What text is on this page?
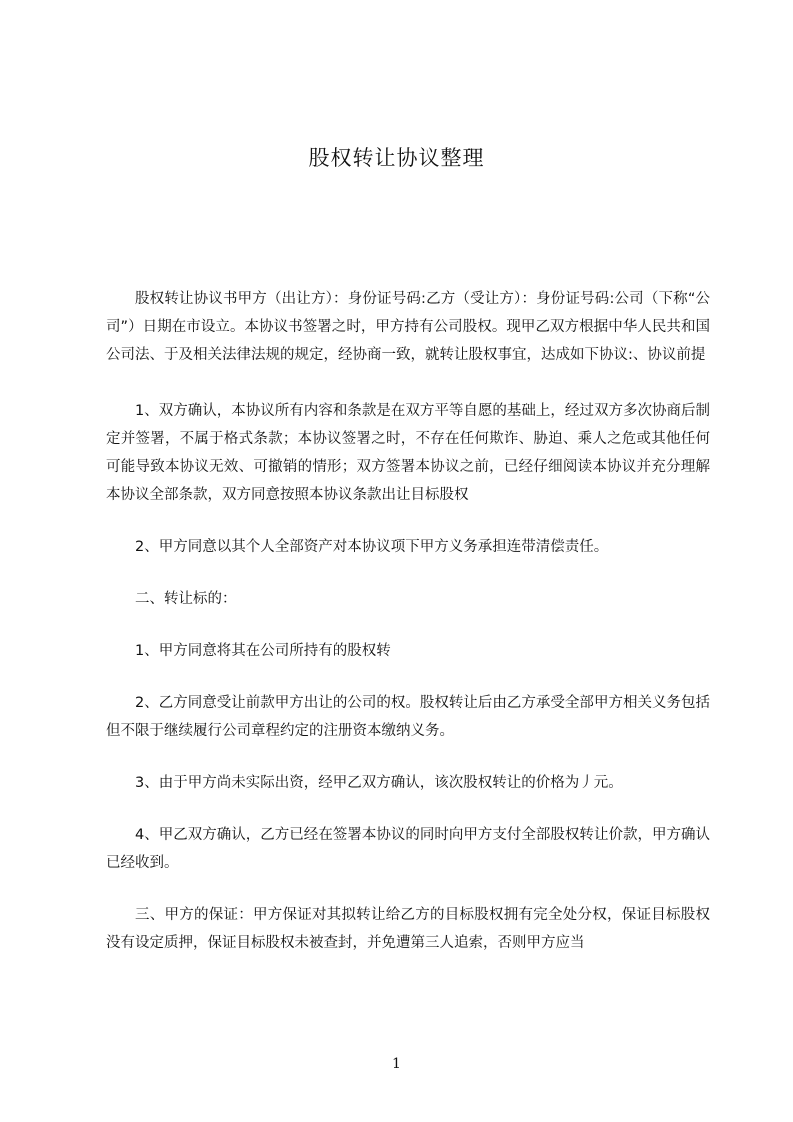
股权转让协议整理

股权转让协议书甲方（出让方）：身份证号码:乙方（受让方）：身份证号码:公司（下称“公司”）日期在市设立。本协议书签署之时，甲方持有公司股权。现甲乙双方根据中华人民共和国公司法、于及相关法律法规的规定，经协商一致，就转让股权事宜，达成如下协议:、协议前提

1、双方确认，本协议所有内容和条款是在双方平等自愿的基础上，经过双方多次协商后制定并签署，不属于格式条款；本协议签署之时，不存在任何欺诈、胁迫、乘人之危或其他任何可能导致本协议无效、可撤销的情形；双方签署本协议之前，已经仔细阅读本协议并充分理解本协议全部条款，双方同意按照本协议条款出让目标股权

2、甲方同意以其个人全部资产对本协议项下甲方义务承担连带清偿责任。

二、转让标的：

1、甲方同意将其在公司所持有的股权转

2、乙方同意受让前款甲方出让的公司的权。股权转让后由乙方承受全部甲方相关义务包括但不限于继续履行公司章程约定的注册资本缴纳义务。

3、由于甲方尚未实际出资，经甲乙双方确认，该次股权转让的价格为丿元。

4、甲乙双方确认，乙方已经在签署本协议的同时向甲方支付全部股权转让价款，甲方确认已经收到。

三、甲方的保证：甲方保证对其拟转让给乙方的目标股权拥有完全处分权，保证目标股权没有设定质押，保证目标股权未被查封，并免遭第三人追索，否则甲方应当

1
